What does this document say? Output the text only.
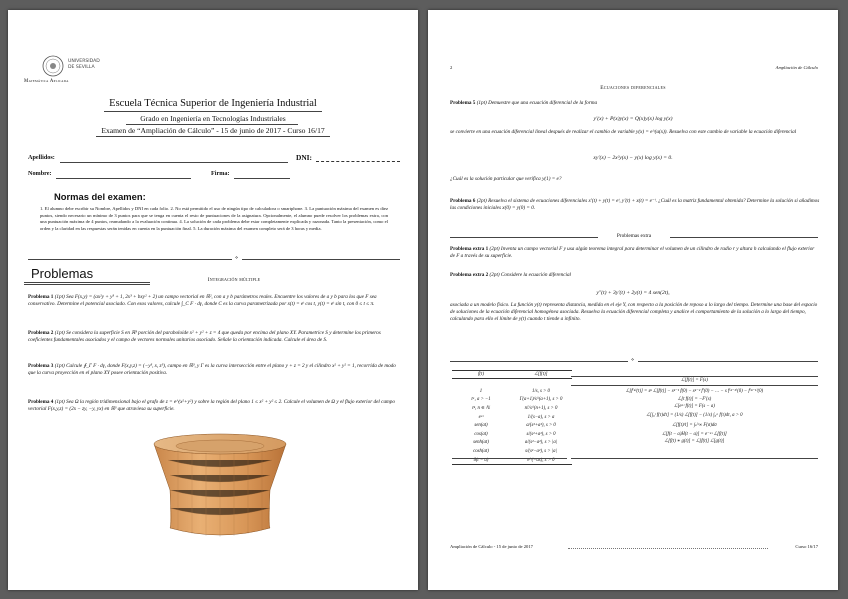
UNIVERSIDAD
DE SEVILLA
Matemática Aplicada
Escuela Técnica Superior de Ingeniería Industrial
Grado en Ingeniería en Tecnologías Industriales
Examen de “Ampliación de Cálculo” - 15 de junio de 2017 - Curso 16/17
Apellidos:	DNI:
Nombre:	Firma:
Normas del examen:
1. El alumno debe escribir su Nombre, Apellidos y DNI en cada folio. 2. No está permitido el uso de ningún tipo de calculadora o smartphone. 3. La puntuación máxima del examen es diez puntos, siendo necesario un mínimo de 3 puntos para que se tenga en cuenta el resto de puntuaciones de la asignatura. Opcionalmente, el alumno puede resolver los problemas extra, con una puntuación máxima de 4 puntos, reanudando a la evaluación continua. 4. La solución de cada problema debe estar completamente explicada y razonada. Tanto la presentación, como el orden y la claridad en las respuestas serán tenidas en cuenta en la puntuación final. 5. La duración máxima del examen completo será de 3 horas y media.
⋄
Problemas	Integración múltiple
Problema 1 (1pt) Sea F(x,y) = (ax²y + y³ + 1, 2x³ + bxy² + 2) un campo vectorial en ℝ², con a y b parámetros reales. Encuentre los valores de a y b para los que F sea conservativo. Determine el potencial asociado. Con esos valores, calcule ∫_C F · dγ, donde C es la curva parametrizada por x(t) = eᵗ cos t, y(t) = eᵗ sin t, con 0 ≤ t ≤ π.
Problema 2 (1pt) Se considera la superficie S en ℝ³ porción del paraboloide x² + y² + z = 4 que queda por encima del plano XY. Parametrice S y determine los primeros coeficientes fundamentales asociados y el campo de vectores normales unitarios asociado. Señale la orientación indicada. Calcule el área de S.
Problema 3 (1pt) Calcule ∮_Γ F · dγ, donde F(x,y,z) = (−y³, x, z³), campo en ℝ³, y Γ es la curva intersección entre el plano y + z = 2 y el cilindro x² + y² = 1, recorrida de modo que la curva proyección en el plano XY posee orientación positiva.
Problema 4 (1pt) Sea Ω la región tridimensional bajo el grafo de z = e^(x²+y²) y sobre la región del plano 1 ≤ x² + y² ≤ 2. Calcule el volumen de Ω y el flujo exterior del campo vectorial F(x,y,z) = (2x − zy, −y, yx) en ℝ³ que atraviesa su superficie.
2	Ampliación de Cálculo
Ecuaciones diferenciales
Problema 5 (1pt) Demuestre que una ecuación diferencial de la forma
y′(x) + P(x)y(x) = Q(x)y(x) log y(x)
se convierte en una ecuación diferencial lineal después de realizar el cambio de variable y(x) = e^(u(x)). Resuelva con este cambio de variable la ecuación diferencial
xy′(x) − 2x²y(x) − y(x) log y(x) = 0.
¿Cuál es la solución particular que verifica y(1) = e?
Problema 6 (2pt) Resuelva el sistema de ecuaciones diferenciales x′(t) + y(t) = eᵗ, y′(t) + x(t) = e⁻ᵗ. ¿Cuál es la matriz fundamental obtenida? Determine la solución si añadimos las condiciones iniciales x(0) = y(0) = 0.
Problemas extra
Problema extra 1 (2pt) Inventa un campo vectorial F y usa algún teorema integral para determinar el volumen de un cilindro de radio r y altura h calculando el flujo exterior de F a través de su superficie.
Problema extra 2 (2pt) Considere la ecuación diferencial
y″(t) + 3y′(t) + 2y(t) = 4 sen(2t),
asociada a un modelo físico. La función y(t) representa distancia, medida en el eje Y, con respecto a la posición de reposo a lo largo del tiempo. Determine una base del espacio de soluciones de la ecuación diferencial homogénea asociada. Resuelva la ecuación diferencial completa y analice el comportamiento de la solución a lo largo del tiempo, calculando para ello el límite de y(t) cuando t tiende a infinito.
⋄
f(t)	ℒ[f(t)]
1	1/s, s > 0
tᵃ, a > −1	Γ(a+1)/s^(a+1), s > 0
tⁿ, n ∈ ℕ	n!/s^(n+1), s > 0
eᵃᵗ	1/(s−a), s > a
sen(at)	a/(s²+a²), s > 0
cos(at)	s/(s²+a²), s > 0
senh(at)	a/(s²−a²), s > |a|
cosh(at)	s/(s²−a²), s > |a|
δ(t − a)	e^(−as), s > 0
ℒ[f(t)] = F(s)
ℒ[f⁽ⁿ⁾(t)] = sⁿ ℒ[f(t)] − sⁿ⁻¹ f(0) − sⁿ⁻² f′(0) − … − s f⁽ⁿ⁻²⁾(0) − f⁽ⁿ⁻¹⁾(0)
ℒ[t f(t)] = −F′(s)
ℒ[eᵃᵗ f(t)] = F(s − a)
ℒ[∫₀ᵗ f(τ)dτ] = (1/s) ℒ[f(t)] − (1/s) ∫₀ᵃ f(τ)dτ, a > 0
ℒ[f(t)/t] = ∫ₛ^∞ F(σ)dσ
ℒ[f(t − a)H(t − a)] = e⁻ᵃˢ ℒ[f(t)]
ℒ[f(t) ∗ g(t)] = ℒ[f(t)] ℒ[g(t)]
Ampliación de Cálculo - 15 de junio de 2017	Curso 16/17
